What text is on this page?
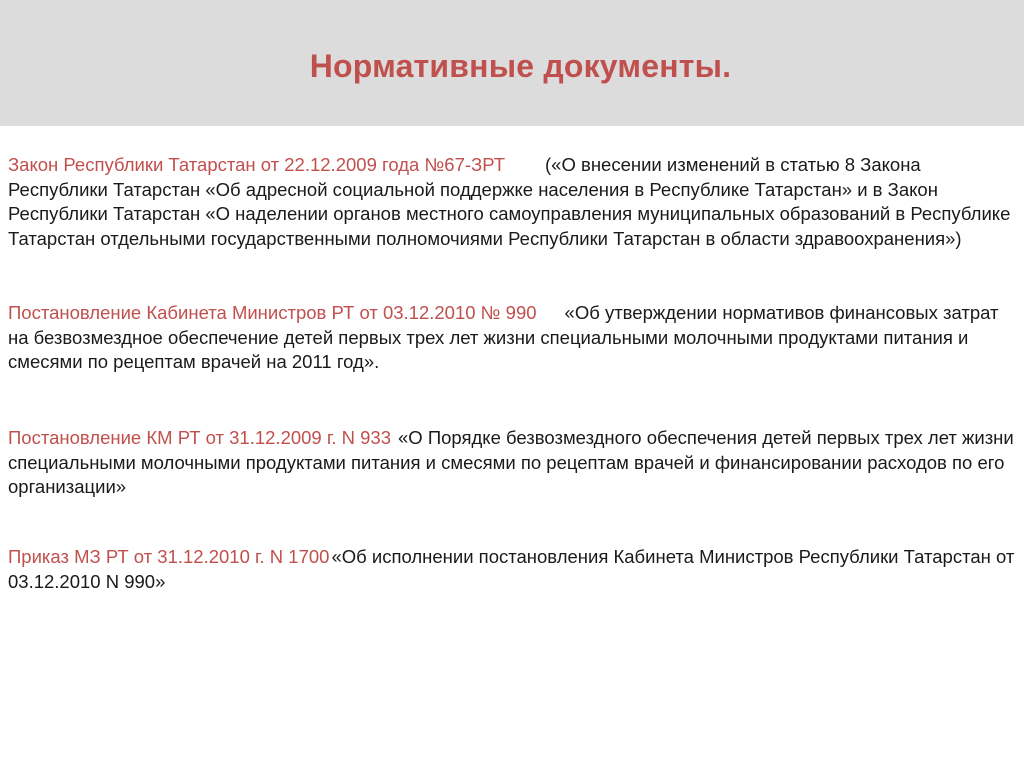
Нормативные документы.

Закон Республики Татарстан от 22.12.2009 года №67-ЗРТ («О внесении изменений в статью 8 Закона Республики Татарстан «Об адресной социальной поддержке населения в Республике Татарстан» и в Закон Республики Татарстан «О наделении органов местного самоуправления муниципальных образований в Республике Татарстан отдельными государственными полномочиями Республики Татарстан в области здравоохранения»)

Постановление Кабинета Министров РТ от 03.12.2010 № 990 «Об утверждении нормативов финансовых затрат на безвозмездное обеспечение детей первых трех лет жизни специальными молочными продуктами питания и смесями по рецептам врачей на 2011 год».

Постановление КМ РТ от 31.12.2009 г. N 933 «О Порядке безвозмездного обеспечения детей первых трех лет жизни специальными молочными продуктами питания и смесями по рецептам врачей и финансировании расходов по его организации»

Приказ МЗ РТ от 31.12.2010 г. N 1700 «Об исполнении постановления Кабинета Министров Республики Татарстан от 03.12.2010 N 990»
